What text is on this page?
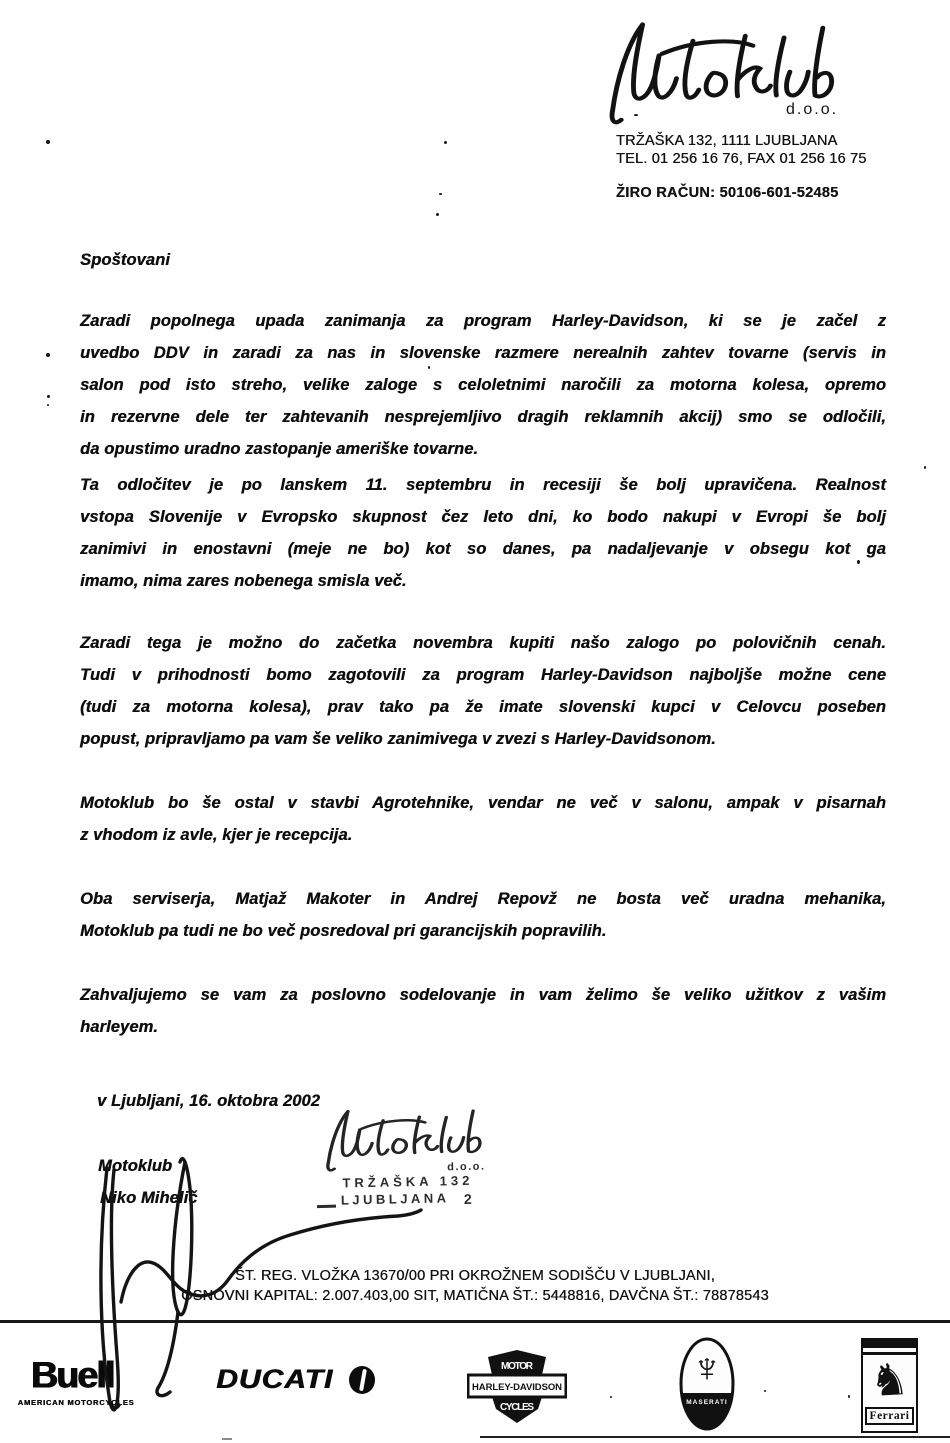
d.o.o.
TRŽAŠKA 132, 1111 LJUBLJANA
TEL. 01 256 16 76, FAX 01 256 16 75
ŽIRO RAČUN: 50106-601-52485
Spoštovani
Zaradi popolnega upada zanimanja za program Harley-Davidson, ki se je začel z
uvedbo DDV in zaradi za nas in slovenske razmere nerealnih zahtev tovarne (servis in
salon pod isto streho, velike zaloge s celoletnimi naročili za motorna kolesa, opremo
in rezervne dele ter zahtevanih nesprejemljivo dragih reklamnih akcij) smo se odločili,
da opustimo uradno zastopanje ameriške tovarne.
Ta odločitev je po lanskem 11. septembru in recesiji še bolj upravičena. Realnost
vstopa Slovenije v Evropsko skupnost čez leto dni, ko bodo nakupi v Evropi še bolj
zanimivi in enostavni (meje ne bo) kot so danes, pa nadaljevanje v obsegu kot ga
imamo, nima zares nobenega smisla več.
Zaradi tega je možno do začetka novembra kupiti našo zalogo po polovičnih cenah.
Tudi v prihodnosti bomo zagotovili za program Harley-Davidson najboljše možne cene
(tudi za motorna kolesa), prav tako pa že imate slovenski kupci v Celovcu poseben
popust, pripravljamo pa vam še veliko zanimivega v zvezi s Harley-Davidsonom.
Motoklub bo še ostal v stavbi Agrotehnike, vendar ne več v salonu, ampak v pisarnah
z vhodom iz avle, kjer je recepcija.
Oba serviserja, Matjaž Makoter in Andrej Repovž ne bosta več uradna mehanika,
Motoklub pa tudi ne bo več posredoval pri garancijskih popravilih.
Zahvaljujemo se vam za poslovno sodelovanje in vam želimo še veliko užitkov z vašim
harleyem.
v Ljubljani, 16. oktobra 2002
Motoklub
Niko Mihelič
d.o.o.
TRŽAŠKA 132
LJUBLJANA 2
ŠT. REG. VLOŽKA 13670/00 PRI OKROŽNEM SODIŠČU V LJUBLJANI,
OSNOVNI KAPITAL: 2.007.403,00 SIT, MATIČNA ŠT.: 5448816, DAVČNA ŠT.: 78878543
Buell
AMERICAN MOTORCYCLES
DUCATI	MOTOR
HARLEY-DAVIDSON
CYCLES
♆
MASERATI	♞
Ferrari
